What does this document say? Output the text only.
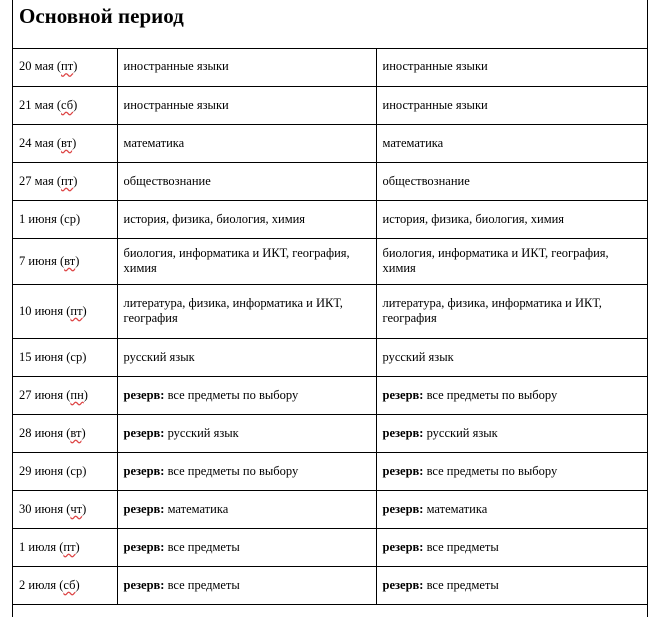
Основной период
20 мая (пт)	иностранные языки	иностранные языки
21 мая (сб)	иностранные языки	иностранные языки
24 мая (вт)	математика	математика
27 мая (пт)	обществознание	обществознание
1 июня (ср)	история, физика, биология, химия	история, физика, биология, химия
7 июня (вт)	биология, информатика и ИКТ, география, химия	биология, информатика и ИКТ, география, химия
10 июня (пт)	литература, физика, информатика и ИКТ, география	литература, физика, информатика и ИКТ, география
15 июня (ср)	русский язык	русский язык
27 июня (пн)	резерв: все предметы по выбору	резерв: все предметы по выбору
28 июня (вт)	резерв: русский язык	резерв: русский язык
29 июня (ср)	резерв: все предметы по выбору	резерв: все предметы по выбору
30 июня (чт)	резерв: математика	резерв: математика
1 июля (пт)	резерв: все предметы	резерв: все предметы
2 июля (сб)	резерв: все предметы	резерв: все предметы
